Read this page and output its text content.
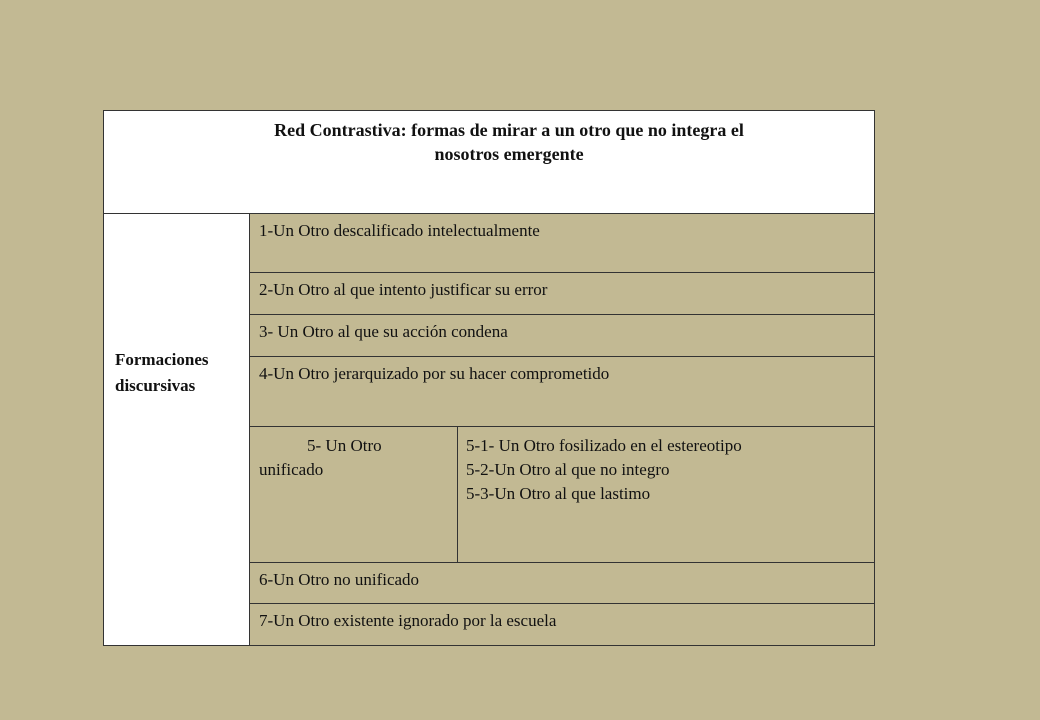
Red Contrastiva: formas de mirar a un otro que no integra el
nosotros emergente
Formaciones
discursivas
1-Un Otro descalificado intelectualmente
2-Un Otro al que intento justificar su error
3- Un Otro al que su acción condena
4-Un Otro jerarquizado por su hacer comprometido
5- Un Otro unificado
5-1- Un Otro fosilizado en el estereotipo
5-2-Un Otro al que no integro
5-3-Un Otro al que lastimo
6-Un Otro no unificado
7-Un Otro existente ignorado por la escuela
